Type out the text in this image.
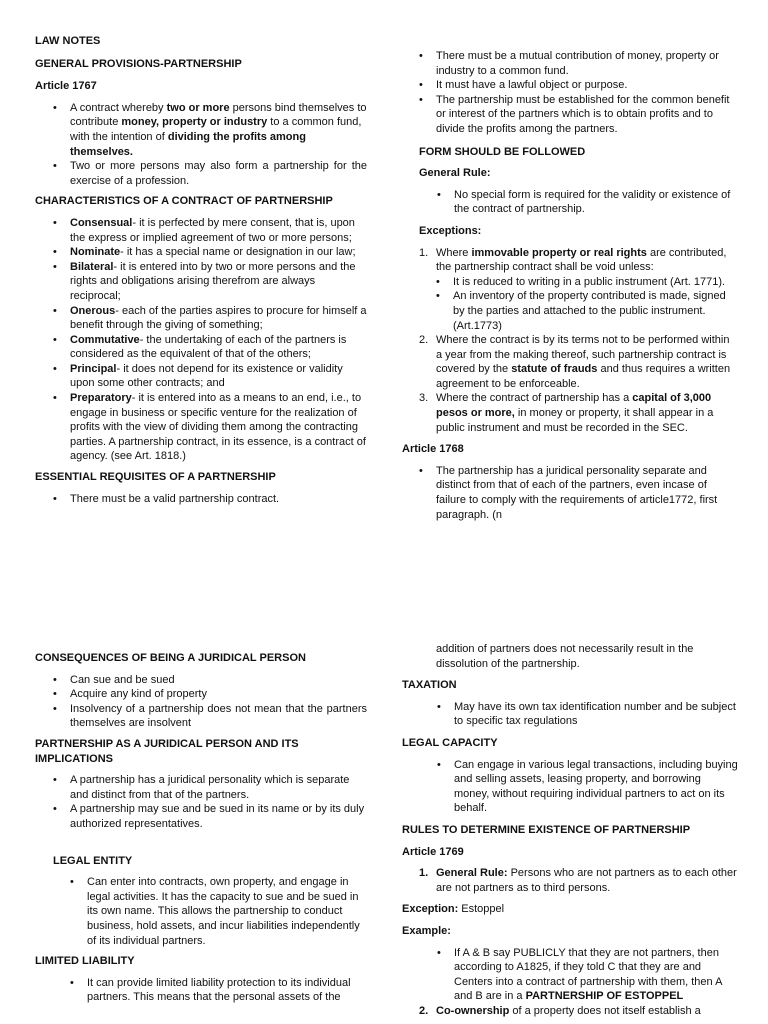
LAW NOTES

GENERAL PROVISIONS-PARTNERSHIP

Article 1767

• A contract whereby two or more persons bind themselves to contribute money, property or industry to a common fund, with the intention of dividing the profits among themselves.
• Two or more persons may also form a partnership for the exercise of a profession.

CHARACTERISTICS OF A CONTRACT OF PARTNERSHIP

• Consensual- it is perfected by mere consent, that is, upon the express or implied agreement of two or more persons;
• Nominate- it has a special name or designation in our law;
• Bilateral- it is entered into by two or more persons and the rights and obligations arising therefrom are always reciprocal;
• Onerous- each of the parties aspires to procure for himself a benefit through the giving of something;
• Commutative- the undertaking of each of the partners is considered as the equivalent of that of the others;
• Principal- it does not depend for its existence or validity upon some other contracts; and
• Preparatory- it is entered into as a means to an end, i.e., to engage in business or specific venture for the realization of profits with the view of dividing them among the contracting parties. A partnership contract, in its essence, is a contract of agency. (see Art. 1818.)

ESSENTIAL REQUISITES OF A PARTNERSHIP

• There must be a valid partnership contract.
• There must be a mutual contribution of money, property or industry to a common fund.
• It must have a lawful object or purpose.
• The partnership must be established for the common benefit or interest of the partners which is to obtain profits and to divide the profits among the partners.

FORM SHOULD BE FOLLOWED

General Rule:

• No special form is required for the validity or existence of the contract of partnership.

Exceptions:

1. Where immovable property or real rights are contributed, the partnership contract shall be void unless:
• It is reduced to writing in a public instrument (Art. 1771).
• An inventory of the property contributed is made, signed by the parties and attached to the public instrument. (Art.1773)
2. Where the contract is by its terms not to be performed within a year from the making thereof, such partnership contract is covered by the statute of frauds and thus requires a written agreement to be enforceable.
3. Where the contract of partnership has a capital of 3,000 pesos or more, in money or property, it shall appear in a public instrument and must be recorded in the SEC.

Article 1768

• The partnership has a juridical personality separate and distinct from that of each of the partners, even incase of failure to comply with the requirements of article1772, first paragraph. (n

CONSEQUENCES OF BEING A JURIDICAL PERSON

• Can sue and be sued
• Acquire any kind of property
• Insolvency of a partnership does not mean that the partners themselves are insolvent

PARTNERSHIP AS A JURIDICAL PERSON AND ITS IMPLICATIONS

• A partnership has a juridical personality which is separate and distinct from that of the partners.
• A partnership may sue and be sued in its name or by its duly authorized representatives.

LEGAL ENTITY

• Can enter into contracts, own property, and engage in legal activities. It has the capacity to sue and be sued in its own name. This allows the partnership to conduct business, hold assets, and incur liabilities independently of its individual partners.

LIMITED LIABILITY

• It can provide limited liability protection to its individual partners. This means that the personal assets of the

addition of partners does not necessarily result in the dissolution of the partnership.

TAXATION

• May have its own tax identification number and be subject to specific tax regulations

LEGAL CAPACITY

• Can engage in various legal transactions, including buying and selling assets, leasing property, and borrowing money, without requiring individual partners to act on its behalf.

RULES TO DETERMINE EXISTENCE OF PARTNERSHIP

Article 1769

1. General Rule: Persons who are not partners as to each other are not partners as to third persons.

Exception: Estoppel

Example:

• If A & B say PUBLICLY that they are not partners, then according to A1825, if they told C that they are and Centers into a contract of partnership with them, then A and B are in a PARTNERSHIP OF ESTOPPEL
2. Co-ownership of a property does not itself establish a
